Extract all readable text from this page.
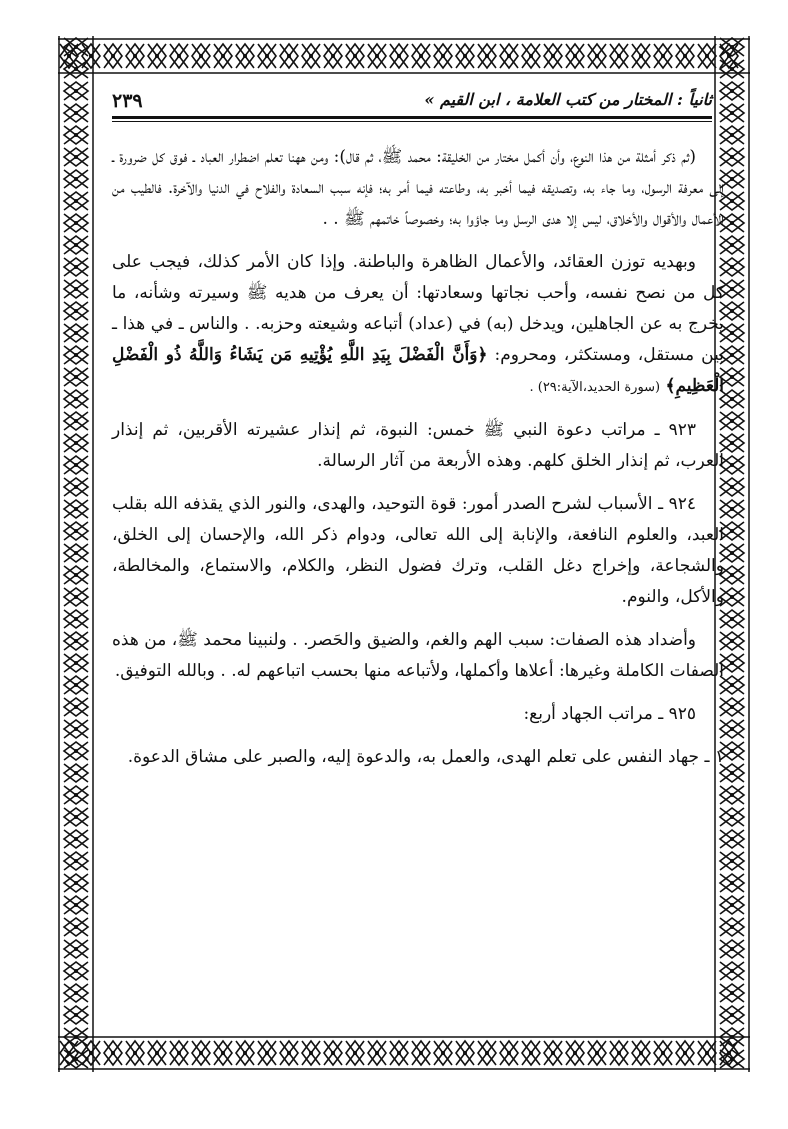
٢٣٩	ثانياً : المختار من كتب العلامة ، ابن القيم »

(ثم ذكر أمثلة من هذا النوع، وأن أكمل مختار من الخليقة: محمد ﷺ، ثم قال): ومن ههنا تعلم اضطرار العباد ـ فوق كل ضرورة ـ إلى معرفة الرسول، وما جاء به، وتصديقه فيما أخبر به، وطاعته فيما أمر به؛ فإنه سبب السعادة والفلاح في الدنيا والآخرة. فالطيب من الأعمال والأقوال والأخلاق، ليس إلا هدى الرسل وما جاؤوا به؛ وخصوصاً خاتمهم ﷺ . .

وبهديه توزن العقائد، والأعمال الظاهرة والباطنة. وإذا كان الأمر كذلك، فيجب على كل من نصح نفسه، وأحب نجاتها وسعادتها: أن يعرف من هديه ﷺ وسيرته وشأنه، ما يخرج به عن الجاهلين، ويدخل (به) في (عداد) أتباعه وشيعته وحزبه. . والناس ـ في هذا ـ بين مستقل، ومستكثر، ومحروم: ﴿وَأَنَّ الْفَضْلَ بِيَدِ اللَّهِ يُؤْتِيهِ مَن يَشَاءُ وَاللَّهُ ذُو الْفَضْلِ الْعَظِيمِ﴾ (سورة الحديد،الآية:٢٩) .

٩٢٣ ـ مراتب دعوة النبي ﷺ خمس: النبوة، ثم إنذار عشيرته الأقربين، ثم إنذار العرب، ثم إنذار الخلق كلهم. وهذه الأربعة من آثار الرسالة.

٩٢٤ ـ الأسباب لشرح الصدر أمور: قوة التوحيد، والهدى، والنور الذي يقذفه الله بقلب العبد، والعلوم النافعة، والإنابة إلى الله تعالى، ودوام ذكر الله، والإحسان إلى الخلق، والشجاعة، وإخراج دغل القلب، وترك فضول النظر، والكلام، والاستماع، والمخالطة، والأكل، والنوم.

وأضداد هذه الصفات: سبب الهم والغم، والضيق والحَصر. . ولنبينا محمد ﷺ، من هذه الصفات الكاملة وغيرها: أعلاها وأكملها، ولأتباعه منها بحسب اتباعهم له. . وبالله التوفيق.

٩٢٥ ـ مراتب الجهاد أربع:

١ ـ جهاد النفس على تعلم الهدى، والعمل به، والدعوة إليه، والصبر على مشاق الدعوة.
